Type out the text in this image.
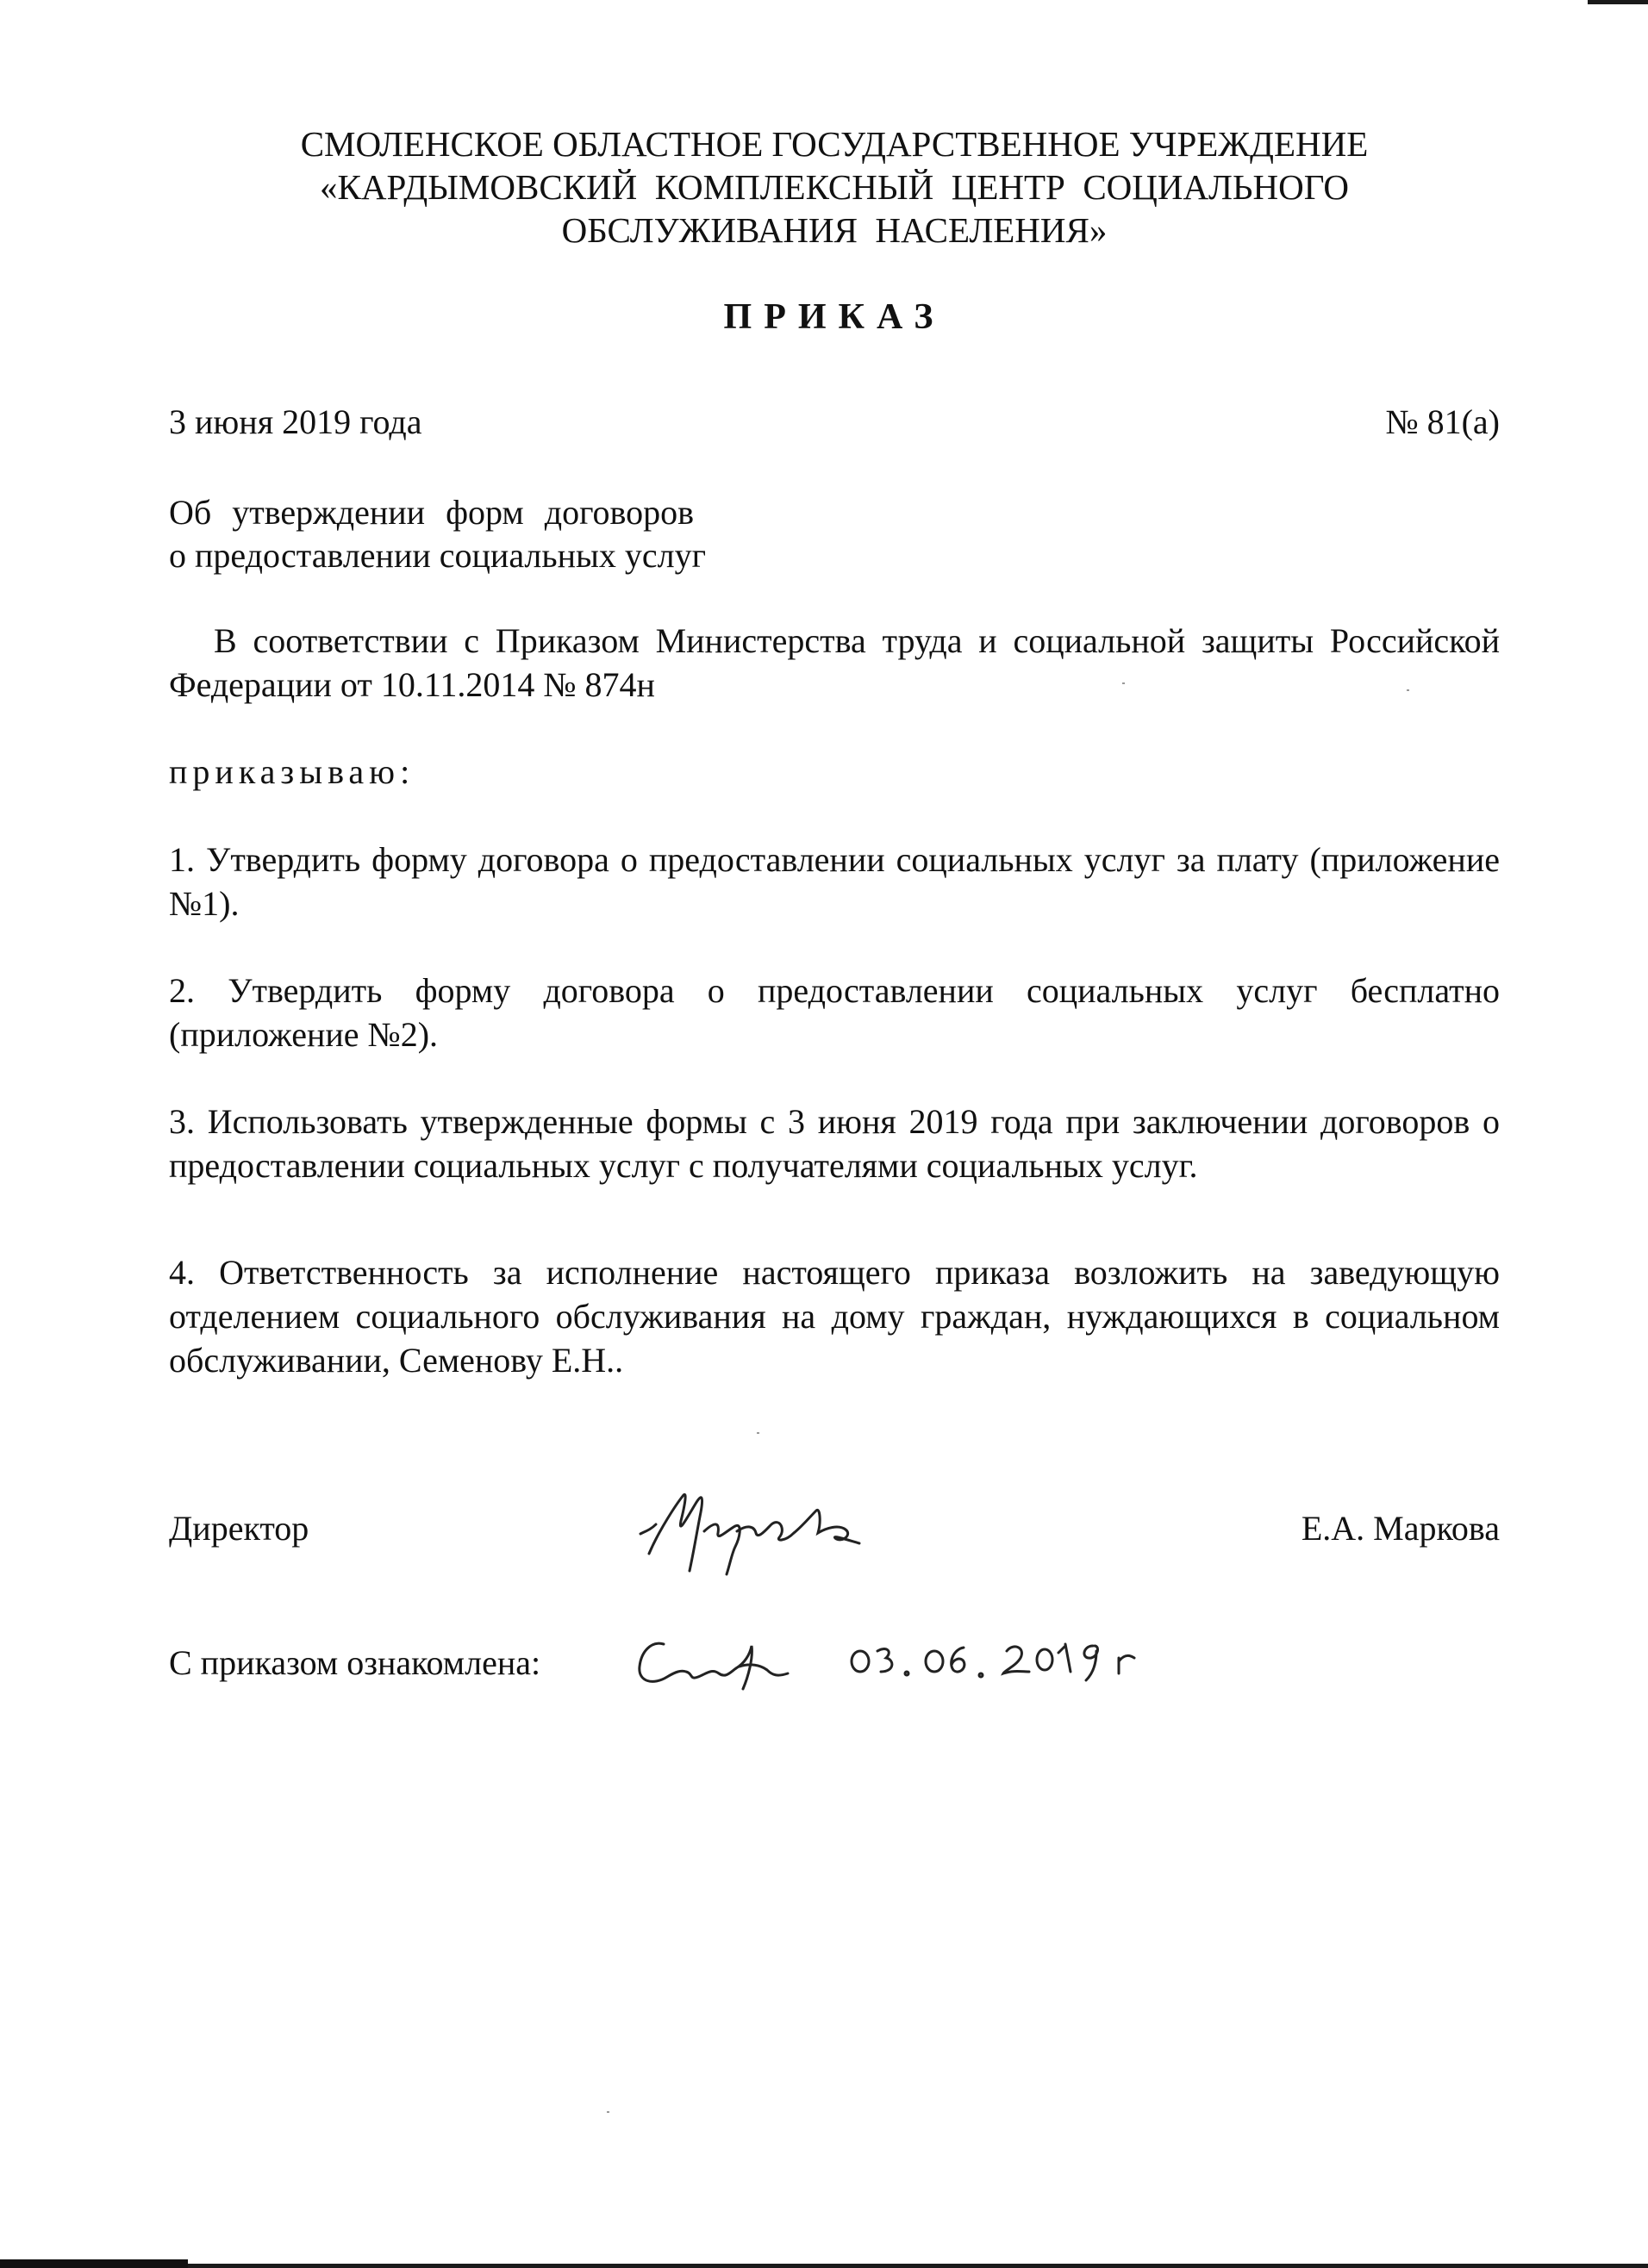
СМОЛЕНСКОЕ ОБЛАСТНОЕ ГОСУДАРСТВЕННОЕ УЧРЕЖДЕНИЕ
«КАРДЫМОВСКИЙ  КОМПЛЕКСНЫЙ  ЦЕНТР  СОЦИАЛЬНОГО
ОБСЛУЖИВАНИЯ  НАСЕЛЕНИЯ»
ПРИКАЗ
3 июня 2019 года	№ 81(а)
Об утверждении форм договоров
о предоставлении социальных услуг
В соответствии с Приказом Министерства труда и социальной защиты Российской Федерации от 10.11.2014 № 874н
приказываю:
1. Утвердить форму договора о предоставлении социальных услуг за плату (приложение №1).
2. Утвердить форму договора о предоставлении социальных услуг бесплатно (приложение №2).
3. Использовать утвержденные формы с 3 июня 2019 года при заключении договоров о предоставлении социальных услуг с получателями социальных услуг.
4. Ответственность за исполнение настоящего приказа возложить на заведующую отделением социального обслуживания на дому граждан, нуждающихся в социальном обслуживании, Семенову Е.Н..
Директор	Е.А. Маркова
С приказом ознакомлена:
